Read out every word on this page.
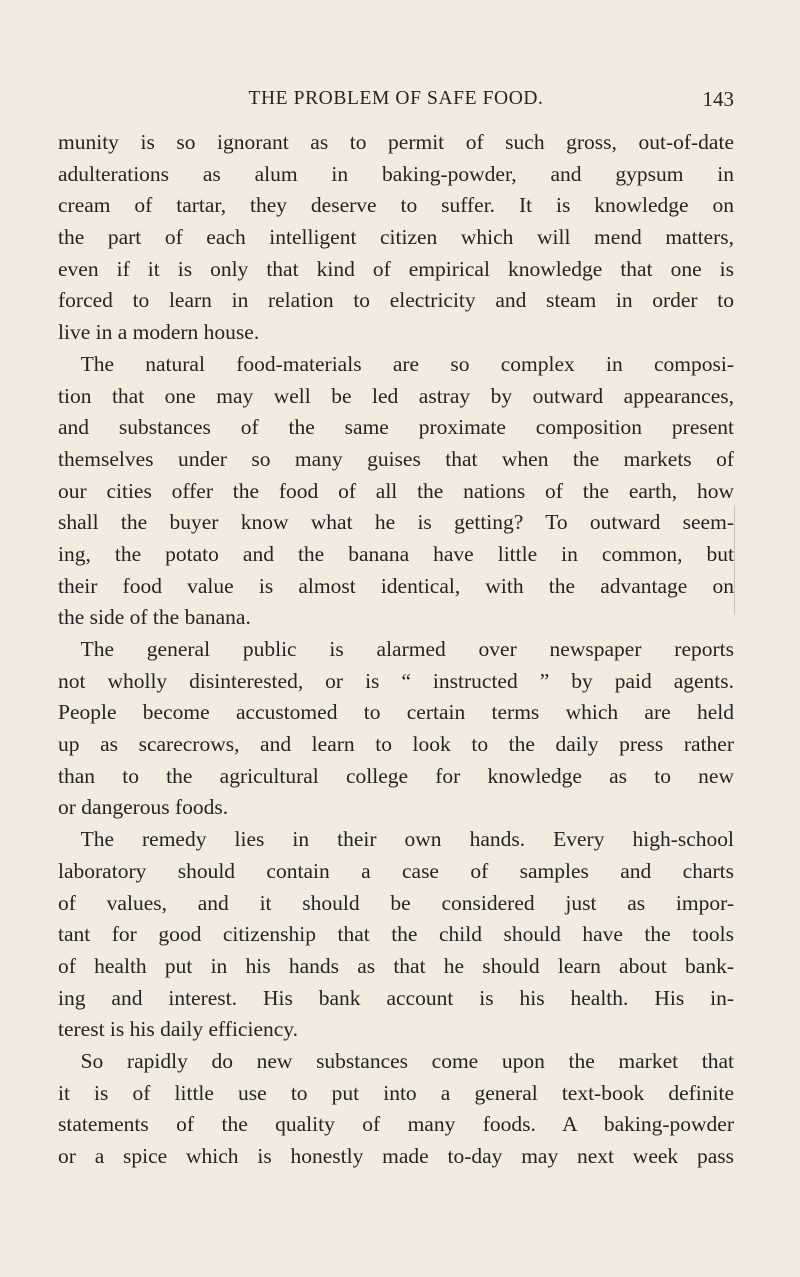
THE PROBLEM OF SAFE FOOD.	143

munity is so ignorant as to permit of such gross, out-of-date
adulterations as alum in baking-powder, and gypsum in
cream of tartar, they deserve to suffer. It is knowledge on
the part of each intelligent citizen which will mend matters,
even if it is only that kind of empirical knowledge that one is
forced to learn in relation to electricity and steam in order to
live in a modern house.

The natural food-materials are so complex in composi-
tion that one may well be led astray by outward appearances,
and substances of the same proximate composition present
themselves under so many guises that when the markets of
our cities offer the food of all the nations of the earth, how
shall the buyer know what he is getting? To outward seem-
ing, the potato and the banana have little in common, but
their food value is almost identical, with the advantage on
the side of the banana.

The general public is alarmed over newspaper reports
not wholly disinterested, or is “ instructed ” by paid agents.
People become accustomed to certain terms which are held
up as scarecrows, and learn to look to the daily press rather
than to the agricultural college for knowledge as to new
or dangerous foods.

The remedy lies in their own hands. Every high-school
laboratory should contain a case of samples and charts
of values, and it should be considered just as impor-
tant for good citizenship that the child should have the tools
of health put in his hands as that he should learn about bank-
ing and interest. His bank account is his health. His in-
terest is his daily efficiency.

So rapidly do new substances come upon the market that
it is of little use to put into a general text-book definite
statements of the quality of many foods. A baking-powder
or a spice which is honestly made to-day may next week pass
